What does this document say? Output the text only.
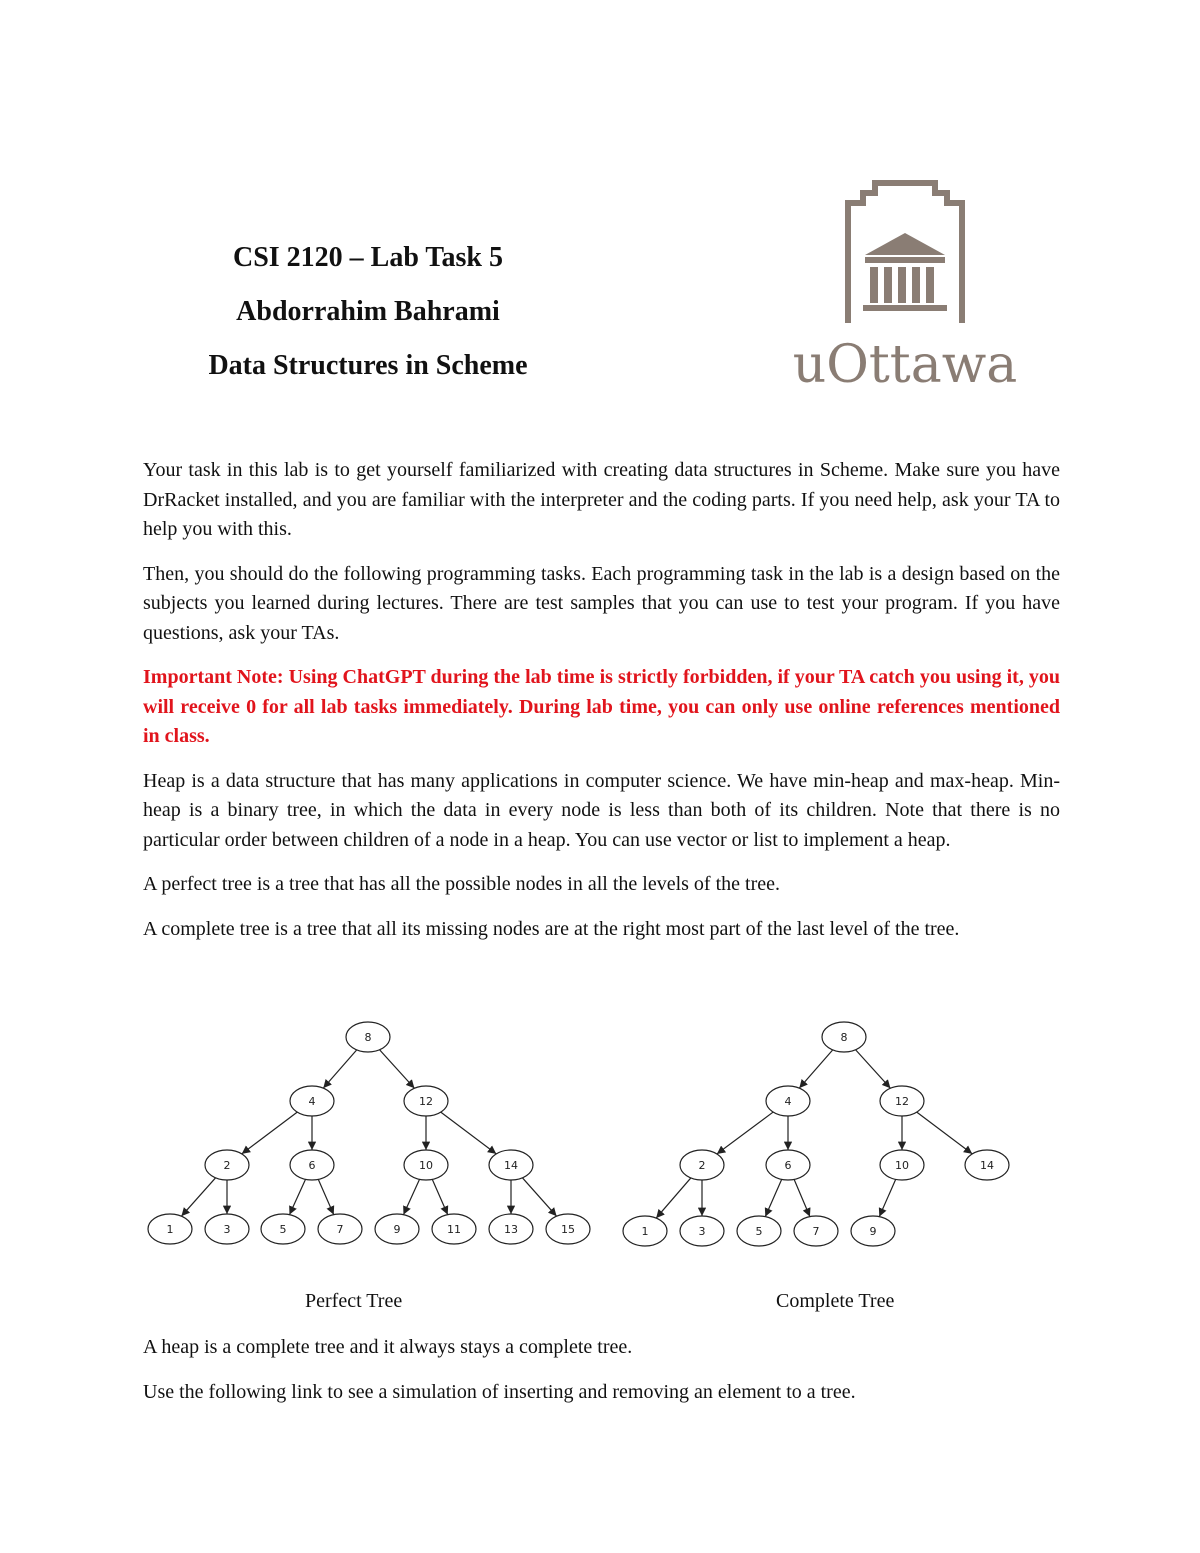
CSI 2120 – Lab Task 5

Abdorrahim Bahrami

Data Structures in Scheme	uOttawa

Your task in this lab is to get yourself familiarized with creating data structures in Scheme. Make sure you have DrRacket installed, and you are familiar with the interpreter and the coding parts. If you need help, ask your TA to help you with this.

Then, you should do the following programming tasks. Each programming task in the lab is a design based on the subjects you learned during lectures. There are test samples that you can use to test your program. If you have questions, ask your TAs.

Important Note: Using ChatGPT during the lab time is strictly forbidden, if your TA catch you using it, you will receive 0 for all lab tasks immediately. During lab time, you can only use online references mentioned in class.

Heap is a data structure that has many applications in computer science. We have min-heap and max-heap. Min-heap is a binary tree, in which the data in every node is less than both of its children. Note that there is no particular order between children of a node in a heap. You can use vector or list to implement a heap.

A perfect tree is a tree that has all the possible nodes in all the levels of the tree.

A complete tree is a tree that all its missing nodes are at the right most part of the last level of the tree.

8
4	12
2	6	10	14
1	3	5	7	9	11	13	15
8
4	12
2	6	10	14
1	3	5	7	9
Perfect Tree	Complete Tree

A heap is a complete tree and it always stays a complete tree.

Use the following link to see a simulation of inserting and removing an element to a tree.
